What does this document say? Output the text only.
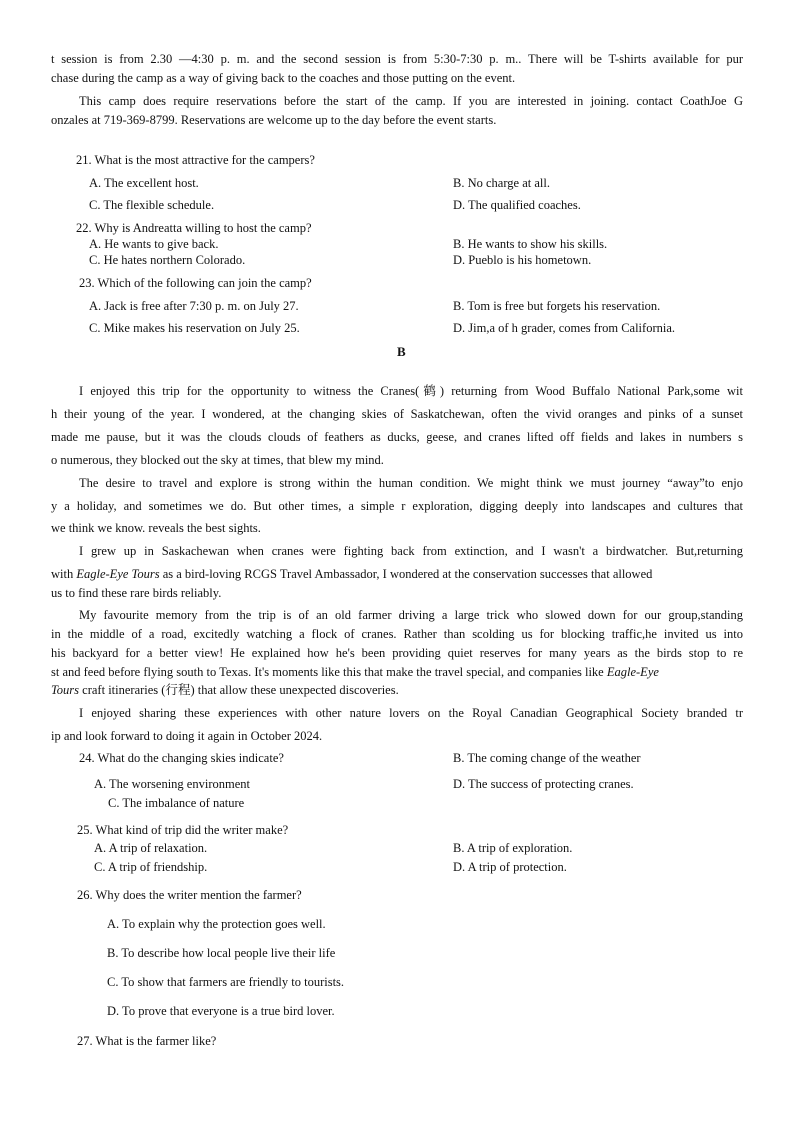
t session is from 2.30 —4:30 p. m. and the second session is from 5:30-7:30 p. m.. There will be T-shirts available for pur
chase during the camp as a way of giving back to the coaches and those putting on the event.
This camp does require reservations before the start of the camp. If you are interested in joining. contact CoathJoe G
onzales at 719-369-8799. Reservations are welcome up to the day before the event starts.
21. What is the most attractive for the campers?
A. The excellent host.	B. No charge at all.
C. The flexible schedule.	D. The qualified coaches.
22. Why is Andreatta willing to host the camp?
A. He wants to give back.	B. He wants to show his skills.
C. He hates northern Colorado.	D. Pueblo is his hometown.
23. Which of the following can join the camp?
A. Jack is free after 7:30 p. m. on July 27.	B. Tom is free but forgets his reservation.
C. Mike makes his reservation on July 25.	D. Jim,a of h grader, comes from California.
B
I enjoyed this trip for the opportunity to witness the Cranes(鹤) returning from Wood Buffalo National Park,some wit
h their young of the year. I wondered, at the changing skies of Saskatchewan, often the vivid oranges and pinks of a sunset
made me pause, but it was the clouds clouds of feathers as ducks, geese, and cranes lifted off fields and lakes in numbers s
o numerous, they blocked out the sky at times, that blew my mind.
The desire to travel and explore is strong within the human condition. We might think we must journey “away”to enjo
y a holiday, and sometimes we do. But other times, a simple r exploration, digging deeply into landscapes and cultures that
we think we know. reveals the best sights.
I grew up in Saskachewan when cranes were fighting back from extinction, and I wasn't a birdwatcher. But,returning
with Eagle-Eye Tours as a bird-loving RCGS Travel Ambassador, I wondered at the conservation successes that allowed
us to find these rare birds reliably.
My favourite memory from the trip is of an old farmer driving a large trick who slowed down for our group,standing
in the middle of a road, excitedly watching a flock of cranes. Rather than scolding us for blocking traffic,he invited us into
his backyard for a better view! He explained how he's been providing quiet reserves for many years as the birds stop to re
st and feed before flying south to Texas. It's moments like this that make the travel special, and companies like Eagle-Eye
Tours craft itineraries (行程) that allow these unexpected discoveries.
I enjoyed sharing these experiences with other nature lovers on the Royal Canadian Geographical Society branded tr
ip and look forward to doing it again in October 2024.
24. What do the changing skies indicate?	B. The coming change of the weather
A. The worsening environment	D. The success of protecting cranes.
C. The imbalance of nature
25. What kind of trip did the writer make?
A. A trip of relaxation.	B. A trip of exploration.
C. A trip of friendship.	D. A trip of protection.
26. Why does the writer mention the farmer?
A. To explain why the protection goes well.
B. To describe how local people live their life
C. To show that farmers are friendly to tourists.
D. To prove that everyone is a true bird lover.
27. What is the farmer like?
